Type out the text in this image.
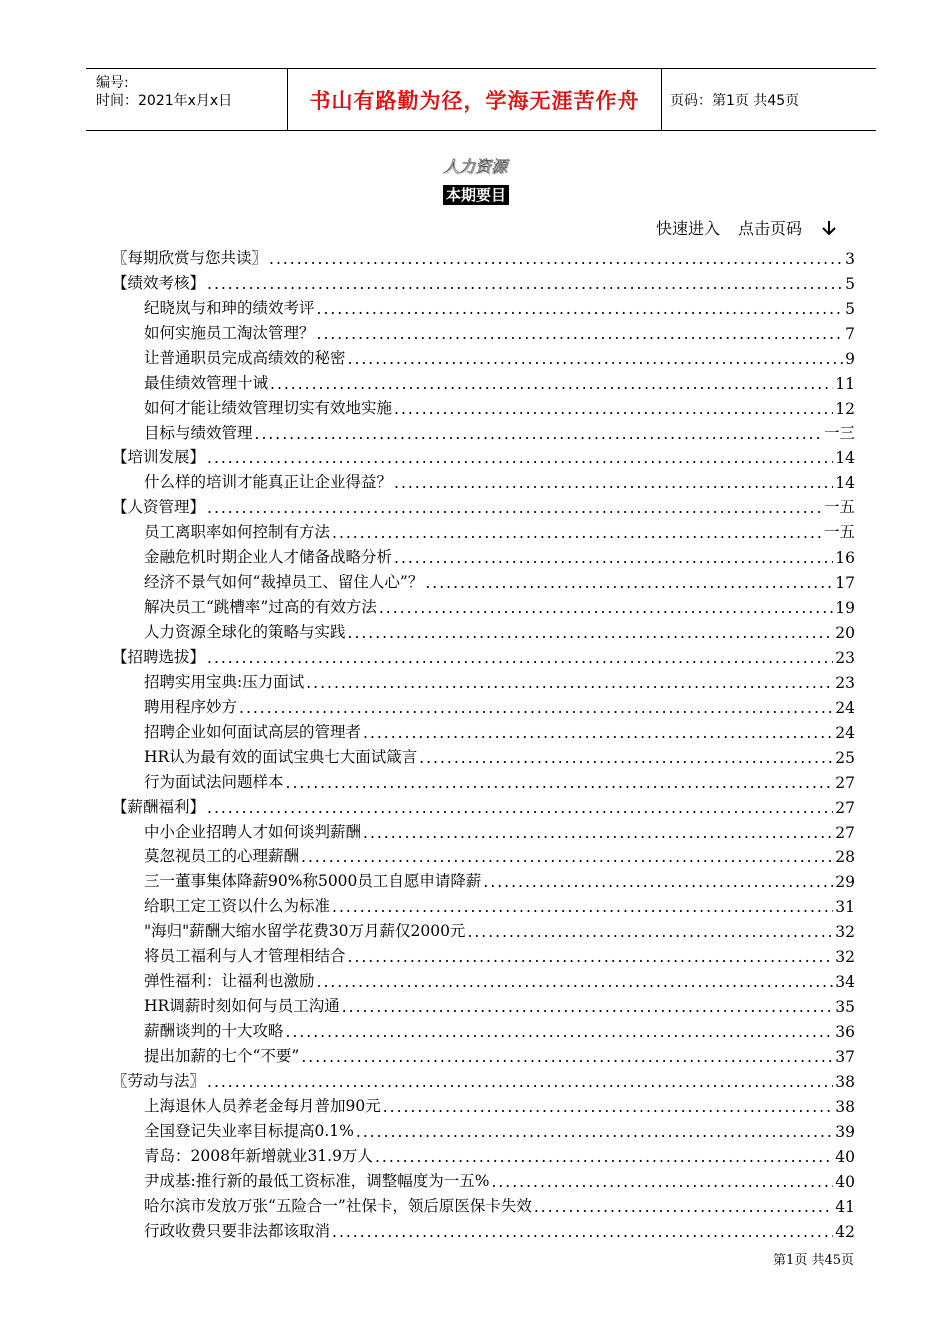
编号:
时间：2021年x月x日	书山有路勤为径，学海无涯苦作舟	页码：第1页 共45页
人力资源
本期要目
快速进入 点击页码
〖每期欣赏与您共读〗 .....	3
【绩效考核】 .....	5
纪晓岚与和珅的绩效考评 .....	5
如何实施员工淘汰管理？ .....	7
让普通职员完成高绩效的秘密 .....	9
最佳绩效管理十诫 .....	11
如何才能让绩效管理切实有效地实施 .....	12
目标与绩效管理 .....	一三
【培训发展】 .....	14
什么样的培训才能真正让企业得益？ .....	14
【人资管理】 .....	一五
员工离职率如何控制有方法 .....	一五
金融危机时期企业人才储备战略分析 .....	16
经济不景气如何“裁掉员工、留住人心”？ .....	17
解决员工“跳槽率”过高的有效方法 .....	19
人力资源全球化的策略与实践 .....	20
【招聘选拔】 .....	23
招聘实用宝典:压力面试 .....	23
聘用程序妙方 .....	24
招聘企业如何面试高层的管理者 .....	24
HR认为最有效的面试宝典七大面试箴言 .....	25
行为面试法问题样本 .....	27
【薪酬福利】 .....	27
中小企业招聘人才如何谈判薪酬 .....	27
莫忽视员工的心理薪酬 .....	28
三一董事集体降薪90%称5000员工自愿申请降薪 .....	29
给职工定工资以什么为标准 .....	31
"海归"薪酬大缩水留学花费30万月薪仅2000元 .....	32
将员工福利与人才管理相结合 .....	32
弹性福利：让福利也激励 .....	34
HR调薪时刻如何与员工沟通 .....	35
薪酬谈判的十大攻略 .....	36
提出加薪的七个“不要” .....	37
〖劳动与法〗 .....	38
上海退休人员养老金每月普加90元 .....	38
全国登记失业率目标提高0.1% .....	39
青岛：2008年新增就业31.9万人 .....	40
尹成基:推行新的最低工资标准，调整幅度为一五% .....	40
哈尔滨市发放万张“五险合一”社保卡，领后原医保卡失效 .....	41
行政收费只要非法都该取消 .....	42
第1页 共45页
